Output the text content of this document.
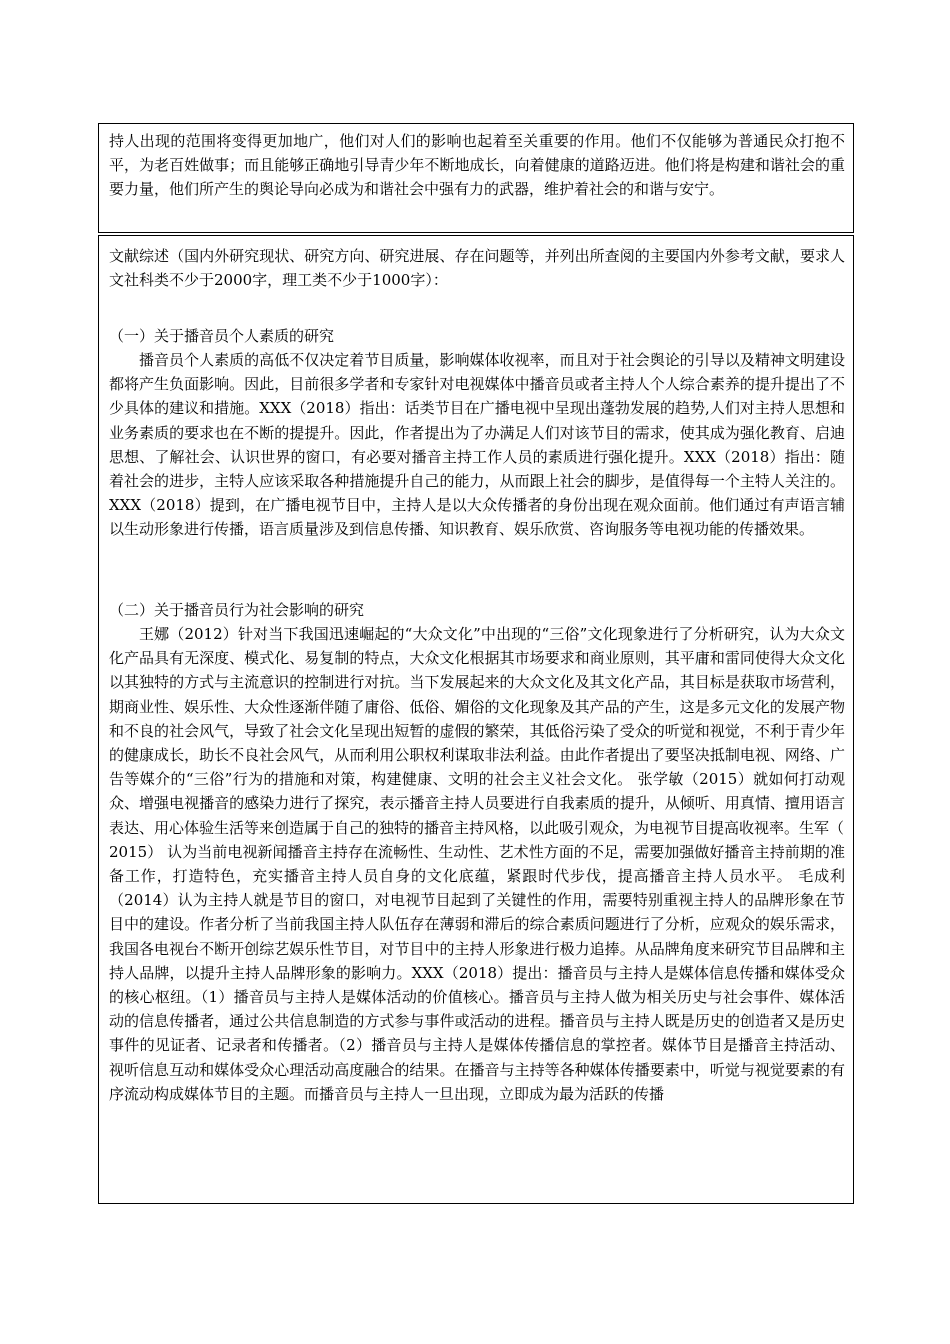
持人出现的范围将变得更加地广，他们对人们的影响也起着至关重要的作用。他们不仅能够为普通民众打抱不平，为老百姓做事；而且能够正确地引导青少年不断地成长，向着健康的道路迈进。他们将是构建和谐社会的重要力量，他们所产生的舆论导向必成为和谐社会中强有力的武器，维护着社会的和谐与安宁。

文献综述（国内外研究现状、研究方向、研究进展、存在问题等，并列出所查阅的主要国内外参考文献，要求人文社科类不少于2000字，理工类不少于1000字）：

（一）关于播音员个人素质的研究

播音员个人素质的高低不仅决定着节目质量，影响媒体收视率，而且对于社会舆论的引导以及精神文明建设都将产生负面影响。因此，目前很多学者和专家针对电视媒体中播音员或者主持人个人综合素养的提升提出了不少具体的建议和措施。XXX（2018）指出：话类节目在广播电视中呈现出蓬勃发展的趋势,人们对主持人思想和业务素质的要求也在不断的提提升。因此，作者提出为了办满足人们对该节目的需求，使其成为强化教育、启迪思想、了解社会、认识世界的窗口，有必要对播音主持工作人员的素质进行强化提升。XXX（2018）指出：随着社会的进步，主特人应该采取各种措施提升自己的能力，从而跟上社会的脚步，是值得每一个主特人关注的。XXX（2018）提到，在广播电视节目中，主持人是以大众传播者的身份出现在观众面前。他们通过有声语言辅以生动形象进行传播，语言质量涉及到信息传播、知识教育、娱乐欣赏、咨询服务等电视功能的传播效果。

（二）关于播音员行为社会影响的研究

王娜（2012）针对当下我国迅速崛起的“大众文化”中出现的“三俗”文化现象进行了分析研究，认为大众文化产品具有无深度、模式化、易复制的特点，大众文化根据其市场要求和商业原则，其平庸和雷同使得大众文化以其独特的方式与主流意识的控制进行对抗。当下发展起来的大众文化及其文化产品，其目标是获取市场营利，期商业性、娱乐性、大众性逐渐伴随了庸俗、低俗、媚俗的文化现象及其产品的产生，这是多元文化的发展产物和不良的社会风气，导致了社会文化呈现出短暂的虚假的繁荣，其低俗污染了受众的听觉和视觉，不利于青少年的健康成长，助长不良社会风气，从而利用公职权利谋取非法利益。由此作者提出了要坚决抵制电视、网络、广告等媒介的“三俗”行为的措施和对策，构建健康、文明的社会主义社会文化。 张学敏（2015）就如何打动观众、增强电视播音的感染力进行了探究，表示播音主持人员要进行自我素质的提升，从倾听、用真情、擅用语言表达、用心体验生活等来创造属于自己的独特的播音主持风格，以此吸引观众，为电视节目提高收视率。生军（
2015） 认为当前电视新闻播音主持存在流畅性、生动性、艺术性方面的不足，需要加强做好播音主持前期的准备工作，打造特色，充实播音主持人员自身的文化底蕴，紧跟时代步伐，提高播音主持人员水平。 毛成利（2014）认为主持人就是节目的窗口，对电视节目起到了关键性的作用，需要特别重视主持人的品牌形象在节目中的建设。作者分析了当前我国主持人队伍存在薄弱和滞后的综合素质问题进行了分析，应观众的娱乐需求，我国各电视台不断开创综艺娱乐性节目，对节目中的主持人形象进行极力追捧。从品牌角度来研究节目品牌和主持人品牌，以提升主持人品牌形象的影响力。XXX（2018）提出：播音员与主持人是媒体信息传播和媒体受众的核心枢纽。（1）播音员与主持人是媒体活动的价值核心。播音员与主持人做为相关历史与社会事件、媒体活动的信息传播者，通过公共信息制造的方式参与事件或活动的进程。播音员与主持人既是历史的创造者又是历史事件的见证者、记录者和传播者。（2）播音员与主持人是媒体传播信息的掌控者。媒体节目是播音主持活动、视听信息互动和媒体受众心理活动高度融合的结果。在播音与主持等各种媒体传播要素中，听觉与视觉要素的有序流动构成媒体节目的主题。而播音员与主持人一旦出现，立即成为最为活跃的传播
